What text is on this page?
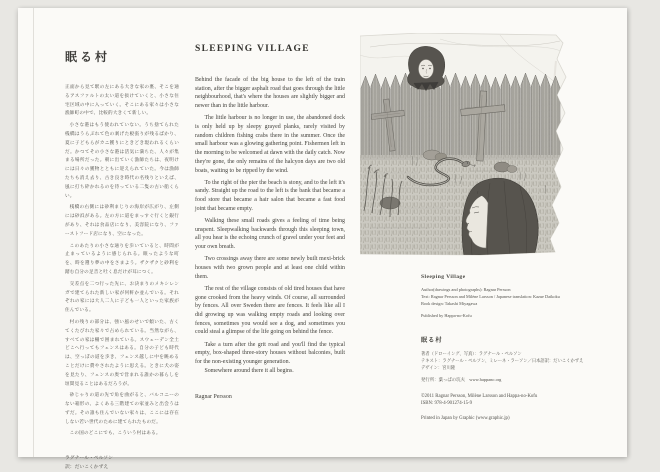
眠る村

正面から見て駅の左にある大きな家の裏、そこを通るアスファルトの太い道を抜けていくと、小さな住宅区域の中に入っていく。そこにある家々は小さな漁師町の中で、比較的大きくて新しい。

小さな港はもう使われていない。うち捨てられた桟橋はうらぶれて色の剥げた板張りが残るばかり、夏に子どもらがカニ獲りにときどき現われるくらいだ。かつてその小さな港は活気に満ちた、人々が集まる場所だった。朝に出ていく漁師たちは、夜明けには日々の獲物とともに迎えられていた。今は漁師たちも消え去り、古き良き時代の名残りといえば、風に打ち砕かれるのを待っている二隻の古い船くらい。

桟橋の右側には砂利まじりの海岸が広がり、左側には砂浜がある。左の方に道をまっすぐ行くと銀行があり、それは食品店になり、美容院になり、ファーストフード店になり、空になった。

このあたりの小さな通りを歩いていると、時間が止まっているように感じられる。眠ったような町を、時を遡り夢の中をさまよう。ザクザクと砂利を踏む自分の足音と吐く息だけが耳につく。

交差点を二つ行った先に、お決まりのメキシレンガで建てられた新しい家が何軒か並んでいる。それぞれの家には大人二人に子ども一人といった家族が住んでいる。

村の残りの部分は、強い風のせいで傾いた、古くてくたびれた家々で占められている。当然ながら、すべての家は柵で囲まれている。スウェーデン全土どこへ行ってもフェンスはある。自分の子ども時代は、空っぽの道を歩き、フェンス越しに中を眺めることだけに費やされたように思える。ときに犬の姿を見たり、フェンスの奥で営まれる誰かの暮らしを垣間見ることはあるだろうが。

砂じゃりの道の先で角を曲がると、バルコニーのない箱形の、よくある三階建ての家並みと出会うはずだ。その誰も住んでいない家々は、ここには存在しない若い世代のために建てられたものだ。

この国のどこにでも、こういう村はある。

ラグナール・ペルソン
訳：だいこくかずえ
SLEEPING VILLAGE

Behind the facade of the big house to the left of the train station, after the bigger asphalt road that goes through the little neighbourhood, that's where the houses are slightly bigger and newer than in the little harbour.

The little harbour is no longer in use, the abandoned dock is only held up by sleepy grayed planks, rarely visited by random children fishing crabs there in the summer. Once the small harbour was a glowing gathering point. Fishermen left in the morning to be welcomed at dawn with the daily catch. Now they're gone, the only remains of the halcyon days are two old boats, waiting to be ripped by the wind.

To the right of the pier the beach is stony, and to the left it's sandy. Straight up the road to the left is the bank that became a food store that became a hair salon that became a fast food joint that became empty.

Walking these small roads gives a feeling of time being unspent. Sleepwalking backwards through this sleeping town, all you hear is the echoing crunch of gravel under your feet and your own breath.

Two crossings away there are some newly built mexi-brick houses with two grown people and at least one child within them.

The rest of the village consists of old tired houses that have gone crooked from the heavy winds. Of course, all surrounded by fences. All over Sweden there are fences. It feels like all I did growing up was walking empty roads and looking over fences, sometimes you would see a dog, and sometimes you could steal a glimpse of the life going on behind the fence.

Take a turn after the grit road and you'll find the typical empty, box-shaped three-story houses without balconies, built for the non-existing younger generation.

Somewhere around there it all begins.

Ragnar Persson
Sleeping Village
Author(drawings and photographs): Ragnar Persson
Text: Ragnar Persson and Milène Larsson / Japanese translation: Kazue Daikoku
Book design: Takashi Miyagawa
Published by Happa-no-Kofu
眠る村
著者（ドローイング、写真）：ラグナール・ペルソン
テキスト：ラグナール・ペルソン、ミレーネ・ラーソン／日本語訳：だいこくかずえ
デザイン：宮川隆
発行所：葉っぱの坑夫　www.happano.org
©2011 Ragnar Persson, Milène Larsson and Happa-no-Kofu
ISBN: 978-4-901274-15-9
Printed in Japan by Graphic (www.graphic.jp)
